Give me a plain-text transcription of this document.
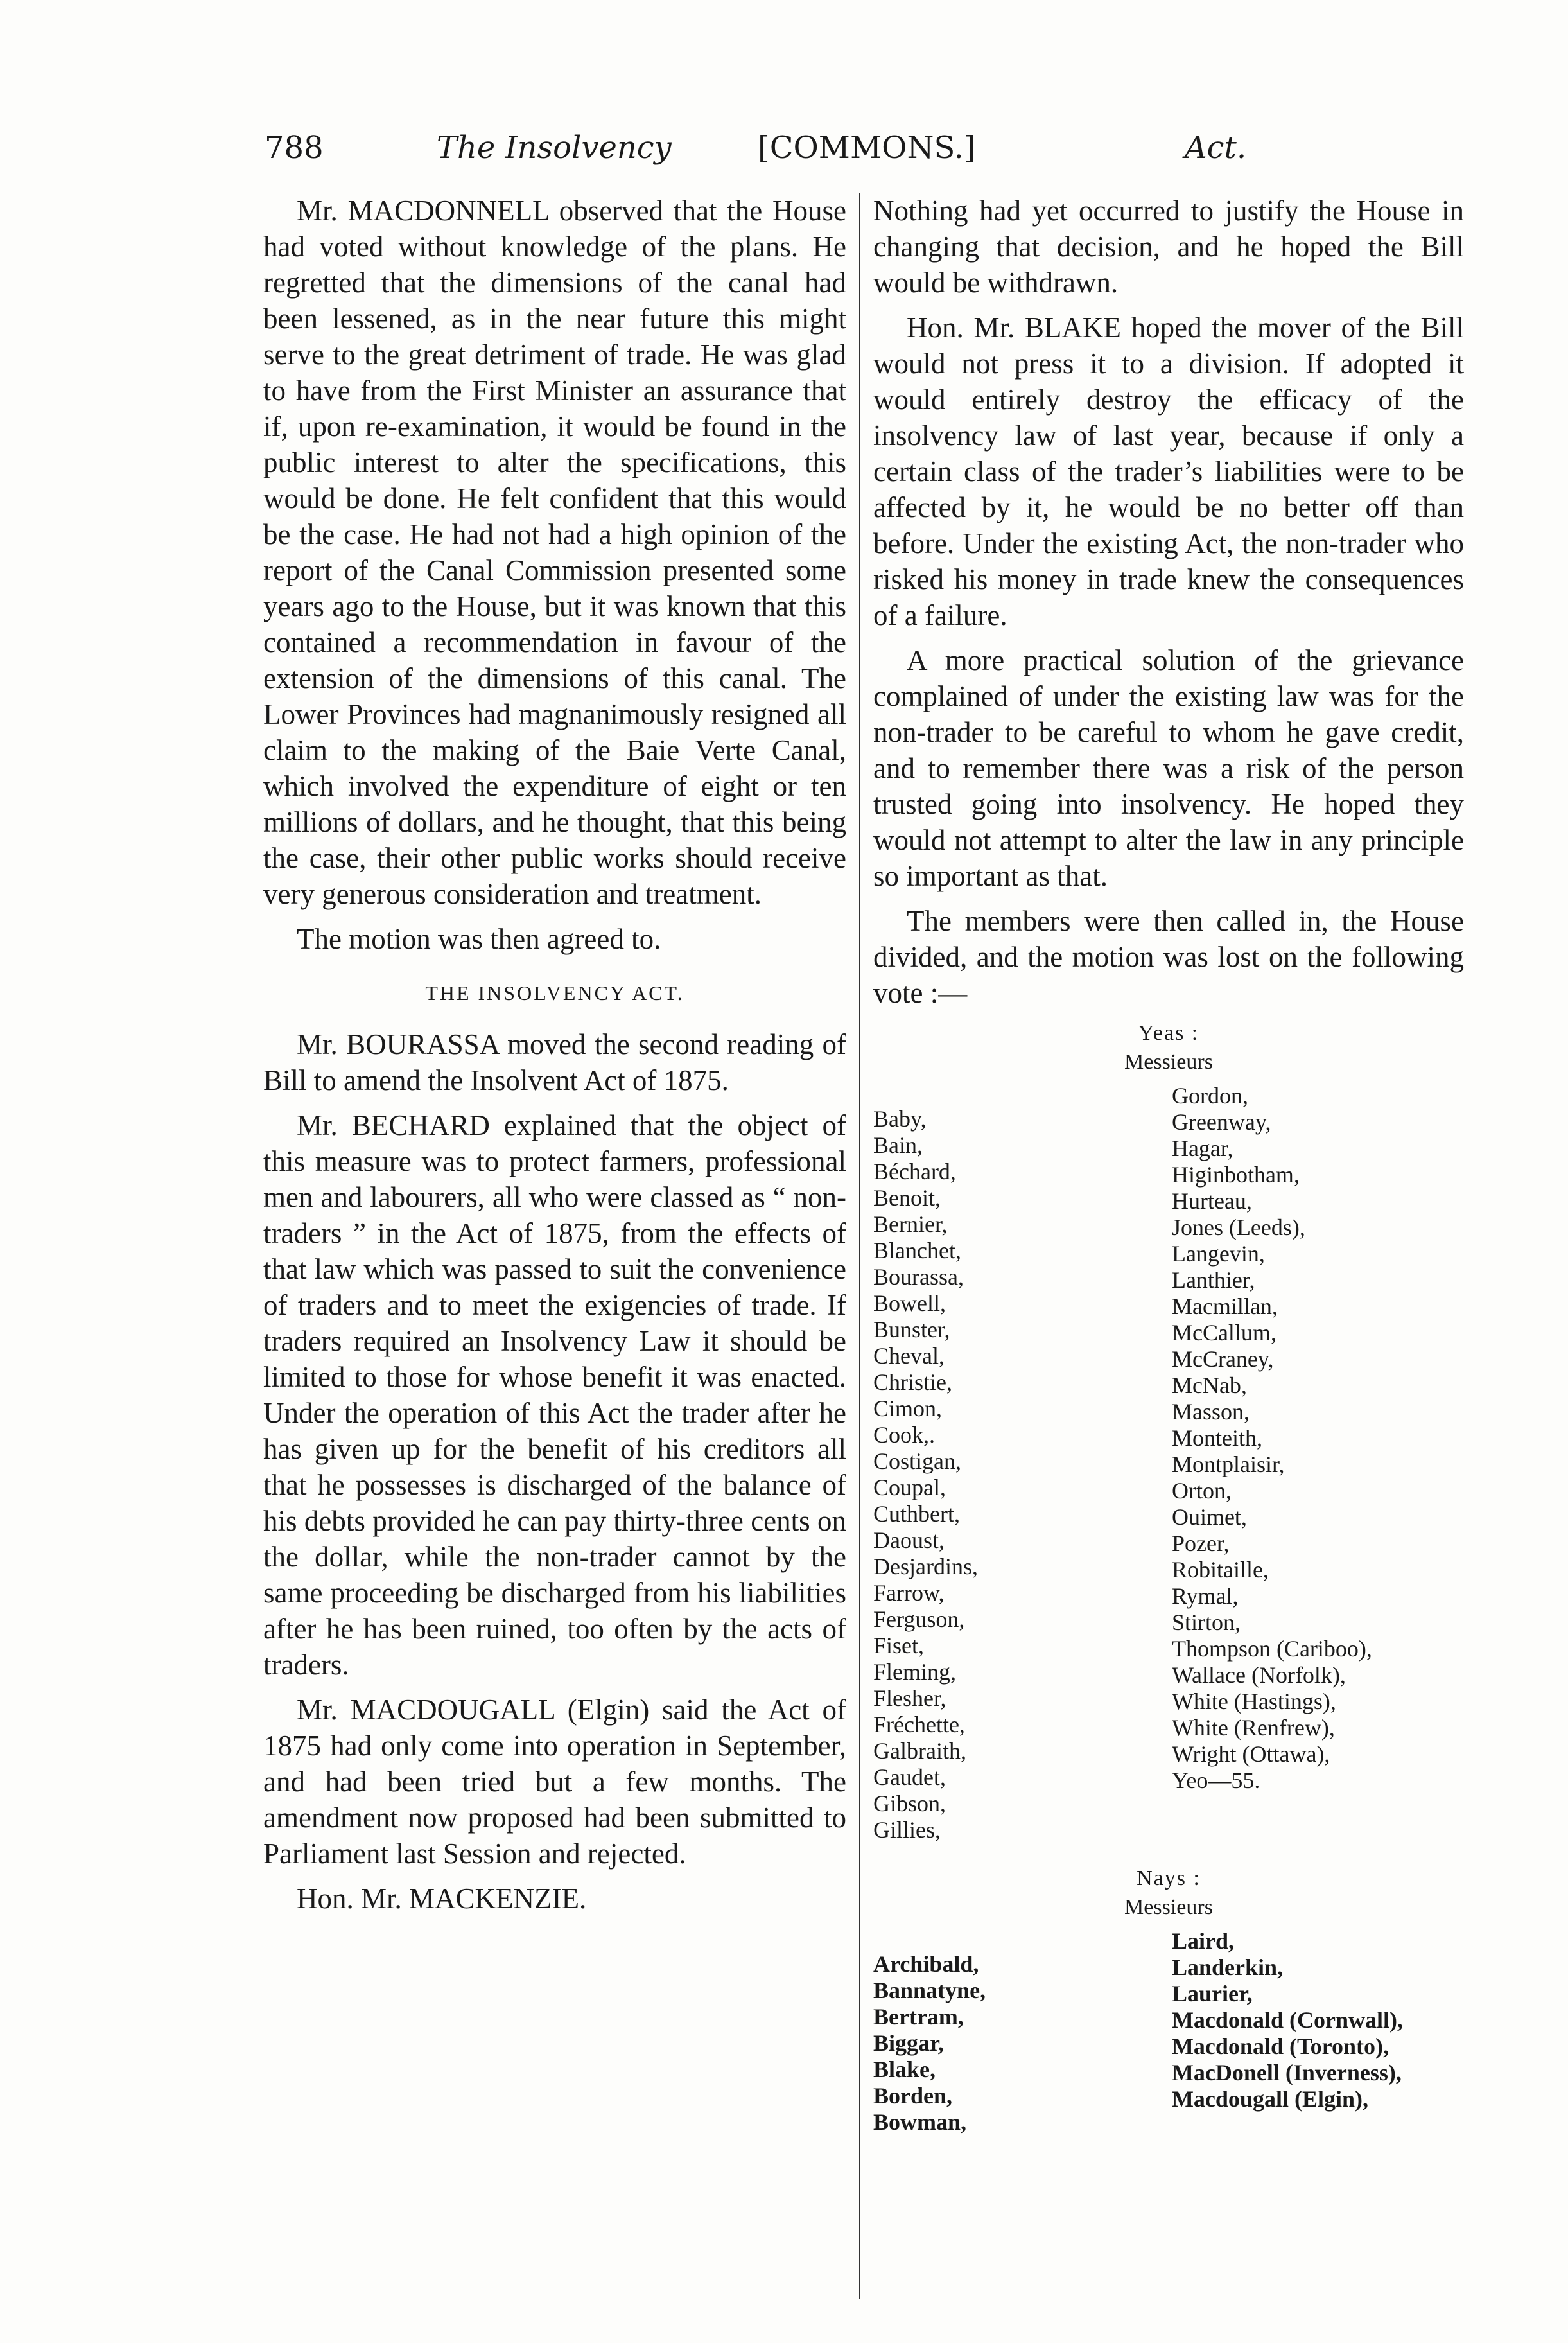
788	The Insolvency	[COMMONS.]	Act.

Mr. MACDONNELL observed that the House had voted without knowledge of the plans. He regretted that the dimensions of the canal had been lessened, as in the near future this might serve to the great detriment of trade. He was glad to have from the First Minister an assurance that if, upon re-examination, it would be found in the public interest to alter the specifications, this would be done. He felt confident that this would be the case. He had not had a high opinion of the report of the Canal Commission presented some years ago to the House, but it was known that this contained a recommendation in favour of the extension of the dimensions of this canal. The Lower Provinces had magnanimously resigned all claim to the making of the Baie Verte Canal, which involved the expenditure of eight or ten millions of dollars, and he thought, that this being the case, their other public works should receive very generous consideration and treatment.

The motion was then agreed to.

THE INSOLVENCY ACT.

Mr. BOURASSA moved the second reading of Bill to amend the Insolvent Act of 1875.

Mr. BECHARD explained that the object of this measure was to protect farmers, professional men and labourers, all who were classed as “ non-traders ” in the Act of 1875, from the effects of that law which was passed to suit the convenience of traders and to meet the exigencies of trade. If traders required an Insolvency Law it should be limited to those for whose benefit it was enacted. Under the operation of this Act the trader after he has given up for the benefit of his creditors all that he possesses is discharged of the balance of his debts provided he can pay thirty-three cents on the dollar, while the non-trader cannot by the same proceeding be discharged from his liabilities after he has been ruined, too often by the acts of traders.

Mr. MACDOUGALL (Elgin) said the Act of 1875 had only come into operation in September, and had been tried but a few months. The amendment now proposed had been submitted to Parliament last Session and rejected.

Hon. Mr. MACKENZIE.

Nothing had yet occurred to justify the House in changing that decision, and he hoped the Bill would be withdrawn.

Hon. Mr. BLAKE hoped the mover of the Bill would not press it to a division. If adopted it would entirely destroy the efficacy of the insolvency law of last year, because if only a certain class of the trader’s liabilities were to be affected by it, he would be no better off than before. Under the existing Act, the non-trader who risked his money in trade knew the consequences of a failure.

A more practical solution of the grievance complained of under the existing law was for the non-trader to be careful to whom he gave credit, and to remember there was a risk of the person trusted going into insolvency. He hoped they would not attempt to alter the law in any principle so important as that.

The members were then called in, the House divided, and the motion was lost on the following vote :—

Yeas :
Messieurs
Baby,
Bain,
Béchard,
Benoit,
Bernier,
Blanchet,
Bourassa,
Bowell,
Bunster,
Cheval,
Christie,
Cimon,
Cook,.
Costigan,
Coupal,
Cuthbert,
Daoust,
Desjardins,
Farrow,
Ferguson,
Fiset,
Fleming,
Flesher,
Fréchette,
Galbraith,
Gaudet,
Gibson,
Gillies,
Gordon,
Greenway,
Hagar,
Higinbotham,
Hurteau,
Jones (Leeds),
Langevin,
Lanthier,
Macmillan,
McCallum,
McCraney,
McNab,
Masson,
Monteith,
Montplaisir,
Orton,
Ouimet,
Pozer,
Robitaille,
Rymal,
Stirton,
Thompson (Cariboo),
Wallace (Norfolk),
White (Hastings),
White (Renfrew),
Wright (Ottawa),
Yeo—55.
Nays :
Messieurs
Archibald,
Bannatyne,
Bertram,
Biggar,
Blake,
Borden,
Bowman,
Laird,
Landerkin,
Laurier,
Macdonald (Cornwall),
Macdonald (Toronto),
MacDonell (Inverness),
Macdougall (Elgin),
